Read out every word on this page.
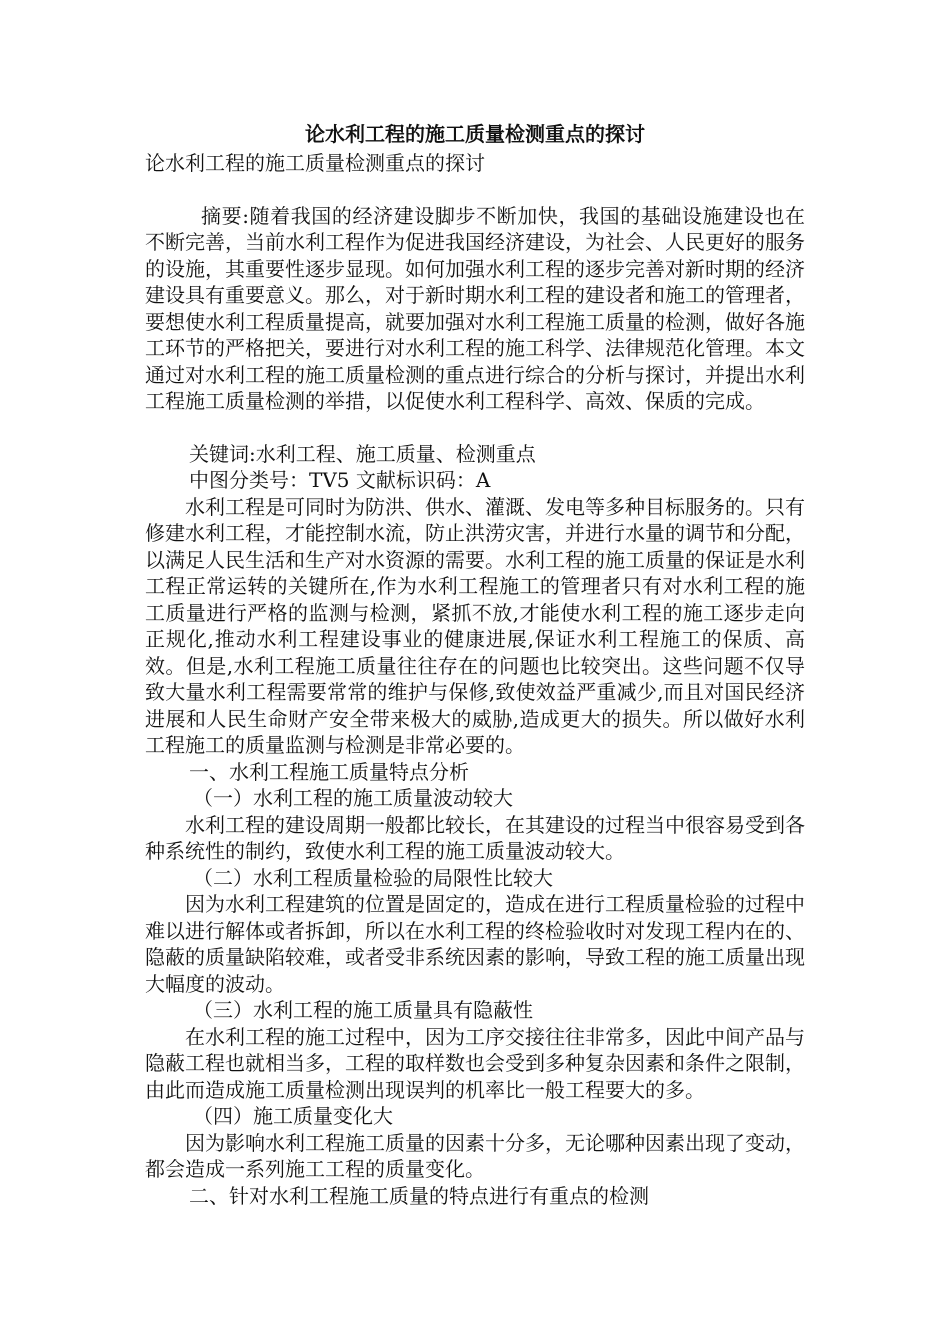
论水利工程的施工质量检测重点的探讨
论水利工程的施工质量检测重点的探讨
摘要:随着我国的经济建设脚步不断加快，我国的基础设施建设也在不断完善，当前水利工程作为促进我国经济建设，为社会、人民更好的服务的设施，其重要性逐步显现。如何加强水利工程的逐步完善对新时期的经济建设具有重要意义。那么，对于新时期水利工程的建设者和施工的管理者，要想使水利工程质量提高，就要加强对水利工程施工质量的检测，做好各施工环节的严格把关，要进行对水利工程的施工科学、法律规范化管理。本文通过对水利工程的施工质量检测的重点进行综合的分析与探讨，并提出水利工程施工质量检测的举措，以促使水利工程科学、高效、保质的完成。
关键词:水利工程、施工质量、检测重点
中图分类号：TV5 文献标识码：A
水利工程是可同时为防洪、供水、灌溉、发电等多种目标服务的。只有修建水利工程，才能控制水流，防止洪涝灾害，并进行水量的调节和分配，以满足人民生活和生产对水资源的需要。水利工程的施工质量的保证是水利工程正常运转的关键所在,作为水利工程施工的管理者只有对水利工程的施工质量进行严格的监测与检测，紧抓不放,才能使水利工程的施工逐步走向正规化,推动水利工程建设事业的健康进展,保证水利工程施工的保质、高效。但是,水利工程施工质量往往存在的问题也比较突出。这些问题不仅导致大量水利工程需要常常的维护与保修,致使效益严重减少,而且对国民经济进展和人民生命财产安全带来极大的威胁,造成更大的损失。所以做好水利工程施工的质量监测与检测是非常必要的。
一、水利工程施工质量特点分析
（一）水利工程的施工质量波动较大
水利工程的建设周期一般都比较长，在其建设的过程当中很容易受到各种系统性的制约，致使水利工程的施工质量波动较大。
（二）水利工程质量检验的局限性比较大
因为水利工程建筑的位置是固定的，造成在进行工程质量检验的过程中难以进行解体或者拆卸，所以在水利工程的终检验收时对发现工程内在的、隐蔽的质量缺陷较难，或者受非系统因素的影响，导致工程的施工质量出现大幅度的波动。
（三）水利工程的施工质量具有隐蔽性
在水利工程的施工过程中，因为工序交接往往非常多，因此中间产品与隐蔽工程也就相当多，工程的取样数也会受到多种复杂因素和条件之限制，由此而造成施工质量检测出现误判的机率比一般工程要大的多。
（四）施工质量变化大
因为影响水利工程施工质量的因素十分多，无论哪种因素出现了变动，都会造成一系列施工工程的质量变化。
二、针对水利工程施工质量的特点进行有重点的检测
